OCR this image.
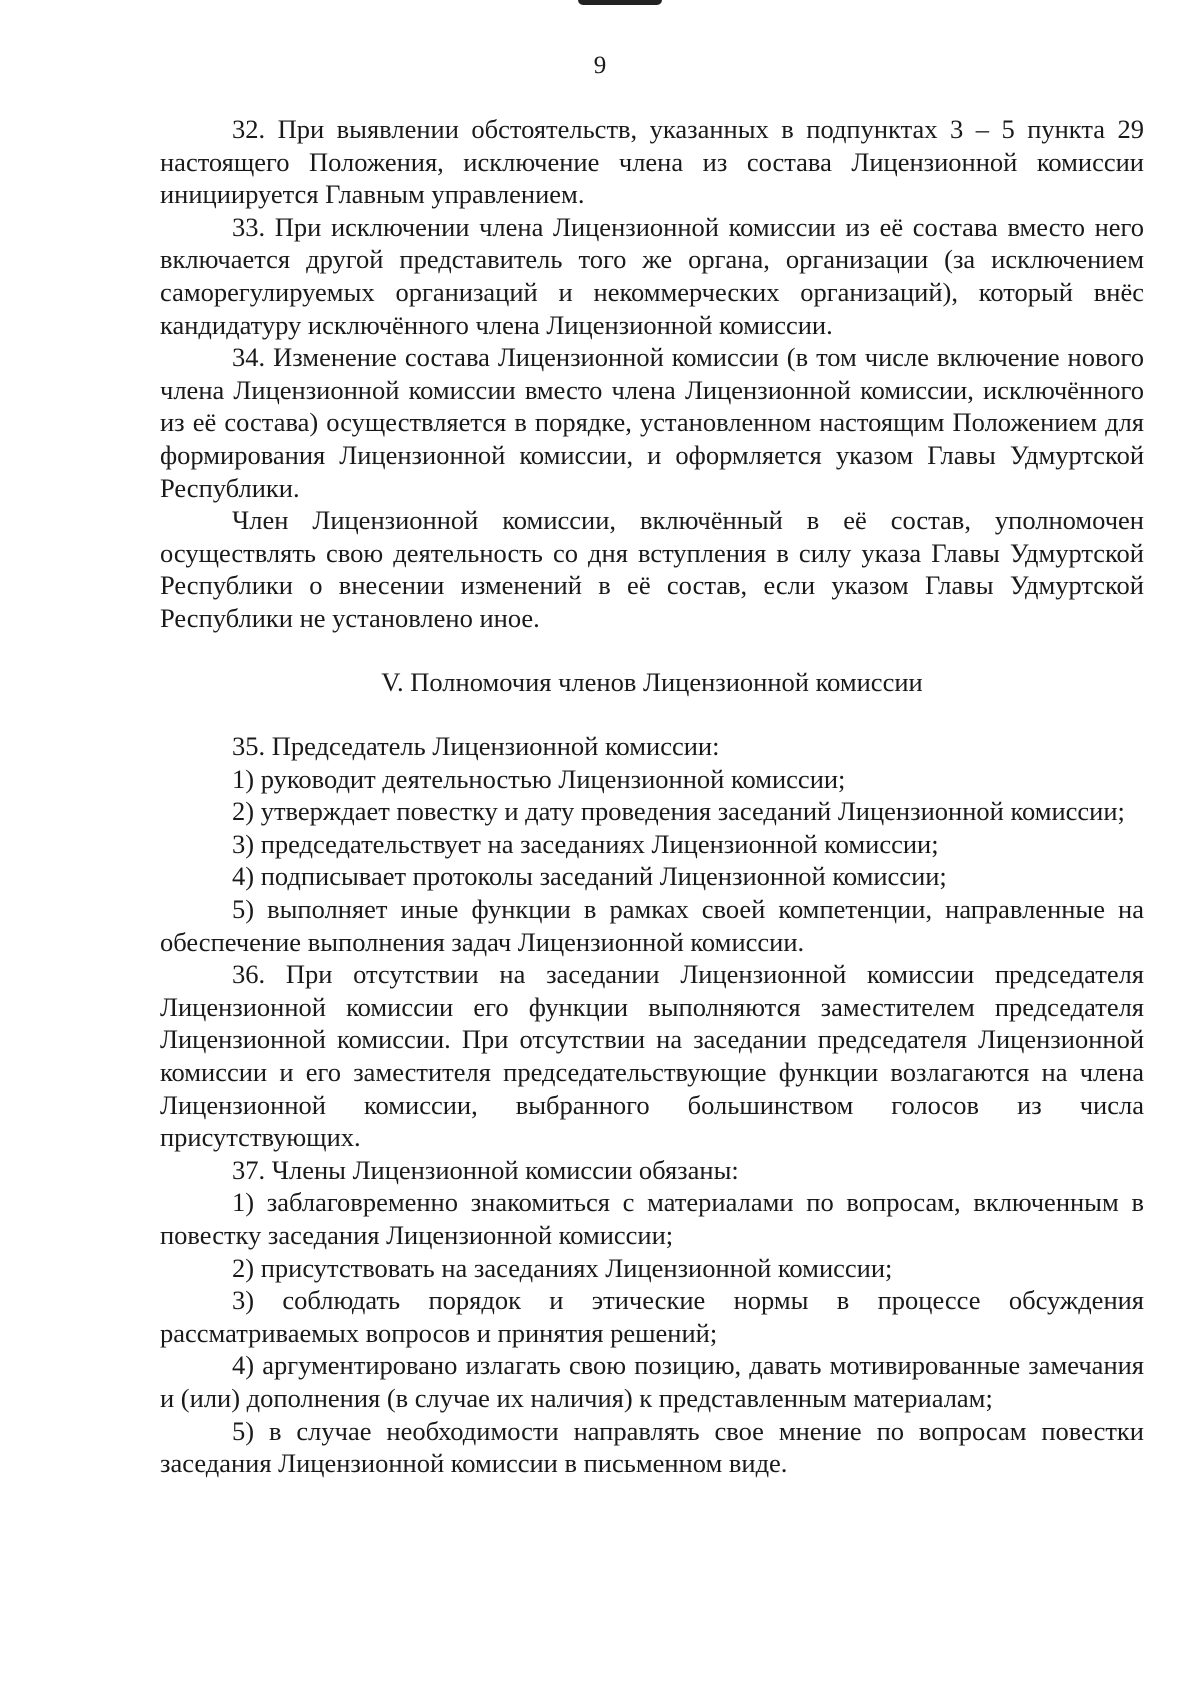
9

32. При выявлении обстоятельств, указанных в подпунктах 3 – 5 пункта 29 настоящего Положения, исключение члена из состава Лицензионной комиссии инициируется Главным управлением.

33. При исключении члена Лицензионной комиссии из её состава вместо него включается другой представитель того же органа, организации (за исключением саморегулируемых организаций и некоммерческих организаций), который внёс кандидатуру исключённого члена Лицензионной комиссии.

34. Изменение состава Лицензионной комиссии (в том числе включение нового члена Лицензионной комиссии вместо члена Лицензионной комиссии, исключённого из её состава) осуществляется в порядке, установленном настоящим Положением для формирования Лицензионной комиссии, и оформляется указом Главы Удмуртской Республики.

Член Лицензионной комиссии, включённый в её состав, уполномочен осуществлять свою деятельность со дня вступления в силу указа Главы Удмуртской Республики о внесении изменений в её состав, если указом Главы Удмуртской Республики не установлено иное.

V. Полномочия членов Лицензионной комиссии

35. Председатель Лицензионной комиссии:

1) руководит деятельностью Лицензионной комиссии;

2) утверждает повестку и дату проведения заседаний Лицензионной комиссии;

3) председательствует на заседаниях Лицензионной комиссии;

4) подписывает протоколы заседаний Лицензионной комиссии;

5) выполняет иные функции в рамках своей компетенции, направленные на обеспечение выполнения задач Лицензионной комиссии.

36. При отсутствии на заседании Лицензионной комиссии председателя Лицензионной комиссии его функции выполняются заместителем председателя Лицензионной комиссии. При отсутствии на заседании председателя Лицензионной комиссии и его заместителя председательствующие функции возлагаются на члена Лицензионной комиссии, выбранного большинством голосов из числа присутствующих.

37. Члены Лицензионной комиссии обязаны:

1) заблаговременно знакомиться с материалами по вопросам, включенным в повестку заседания Лицензионной комиссии;

2) присутствовать на заседаниях Лицензионной комиссии;

3) соблюдать порядок и этические нормы в процессе обсуждения рассматриваемых вопросов и принятия решений;

4) аргументировано излагать свою позицию, давать мотивированные замечания и (или) дополнения (в случае их наличия) к представленным материалам;

5) в случае необходимости направлять свое мнение по вопросам повестки заседания Лицензионной комиссии в письменном виде.
